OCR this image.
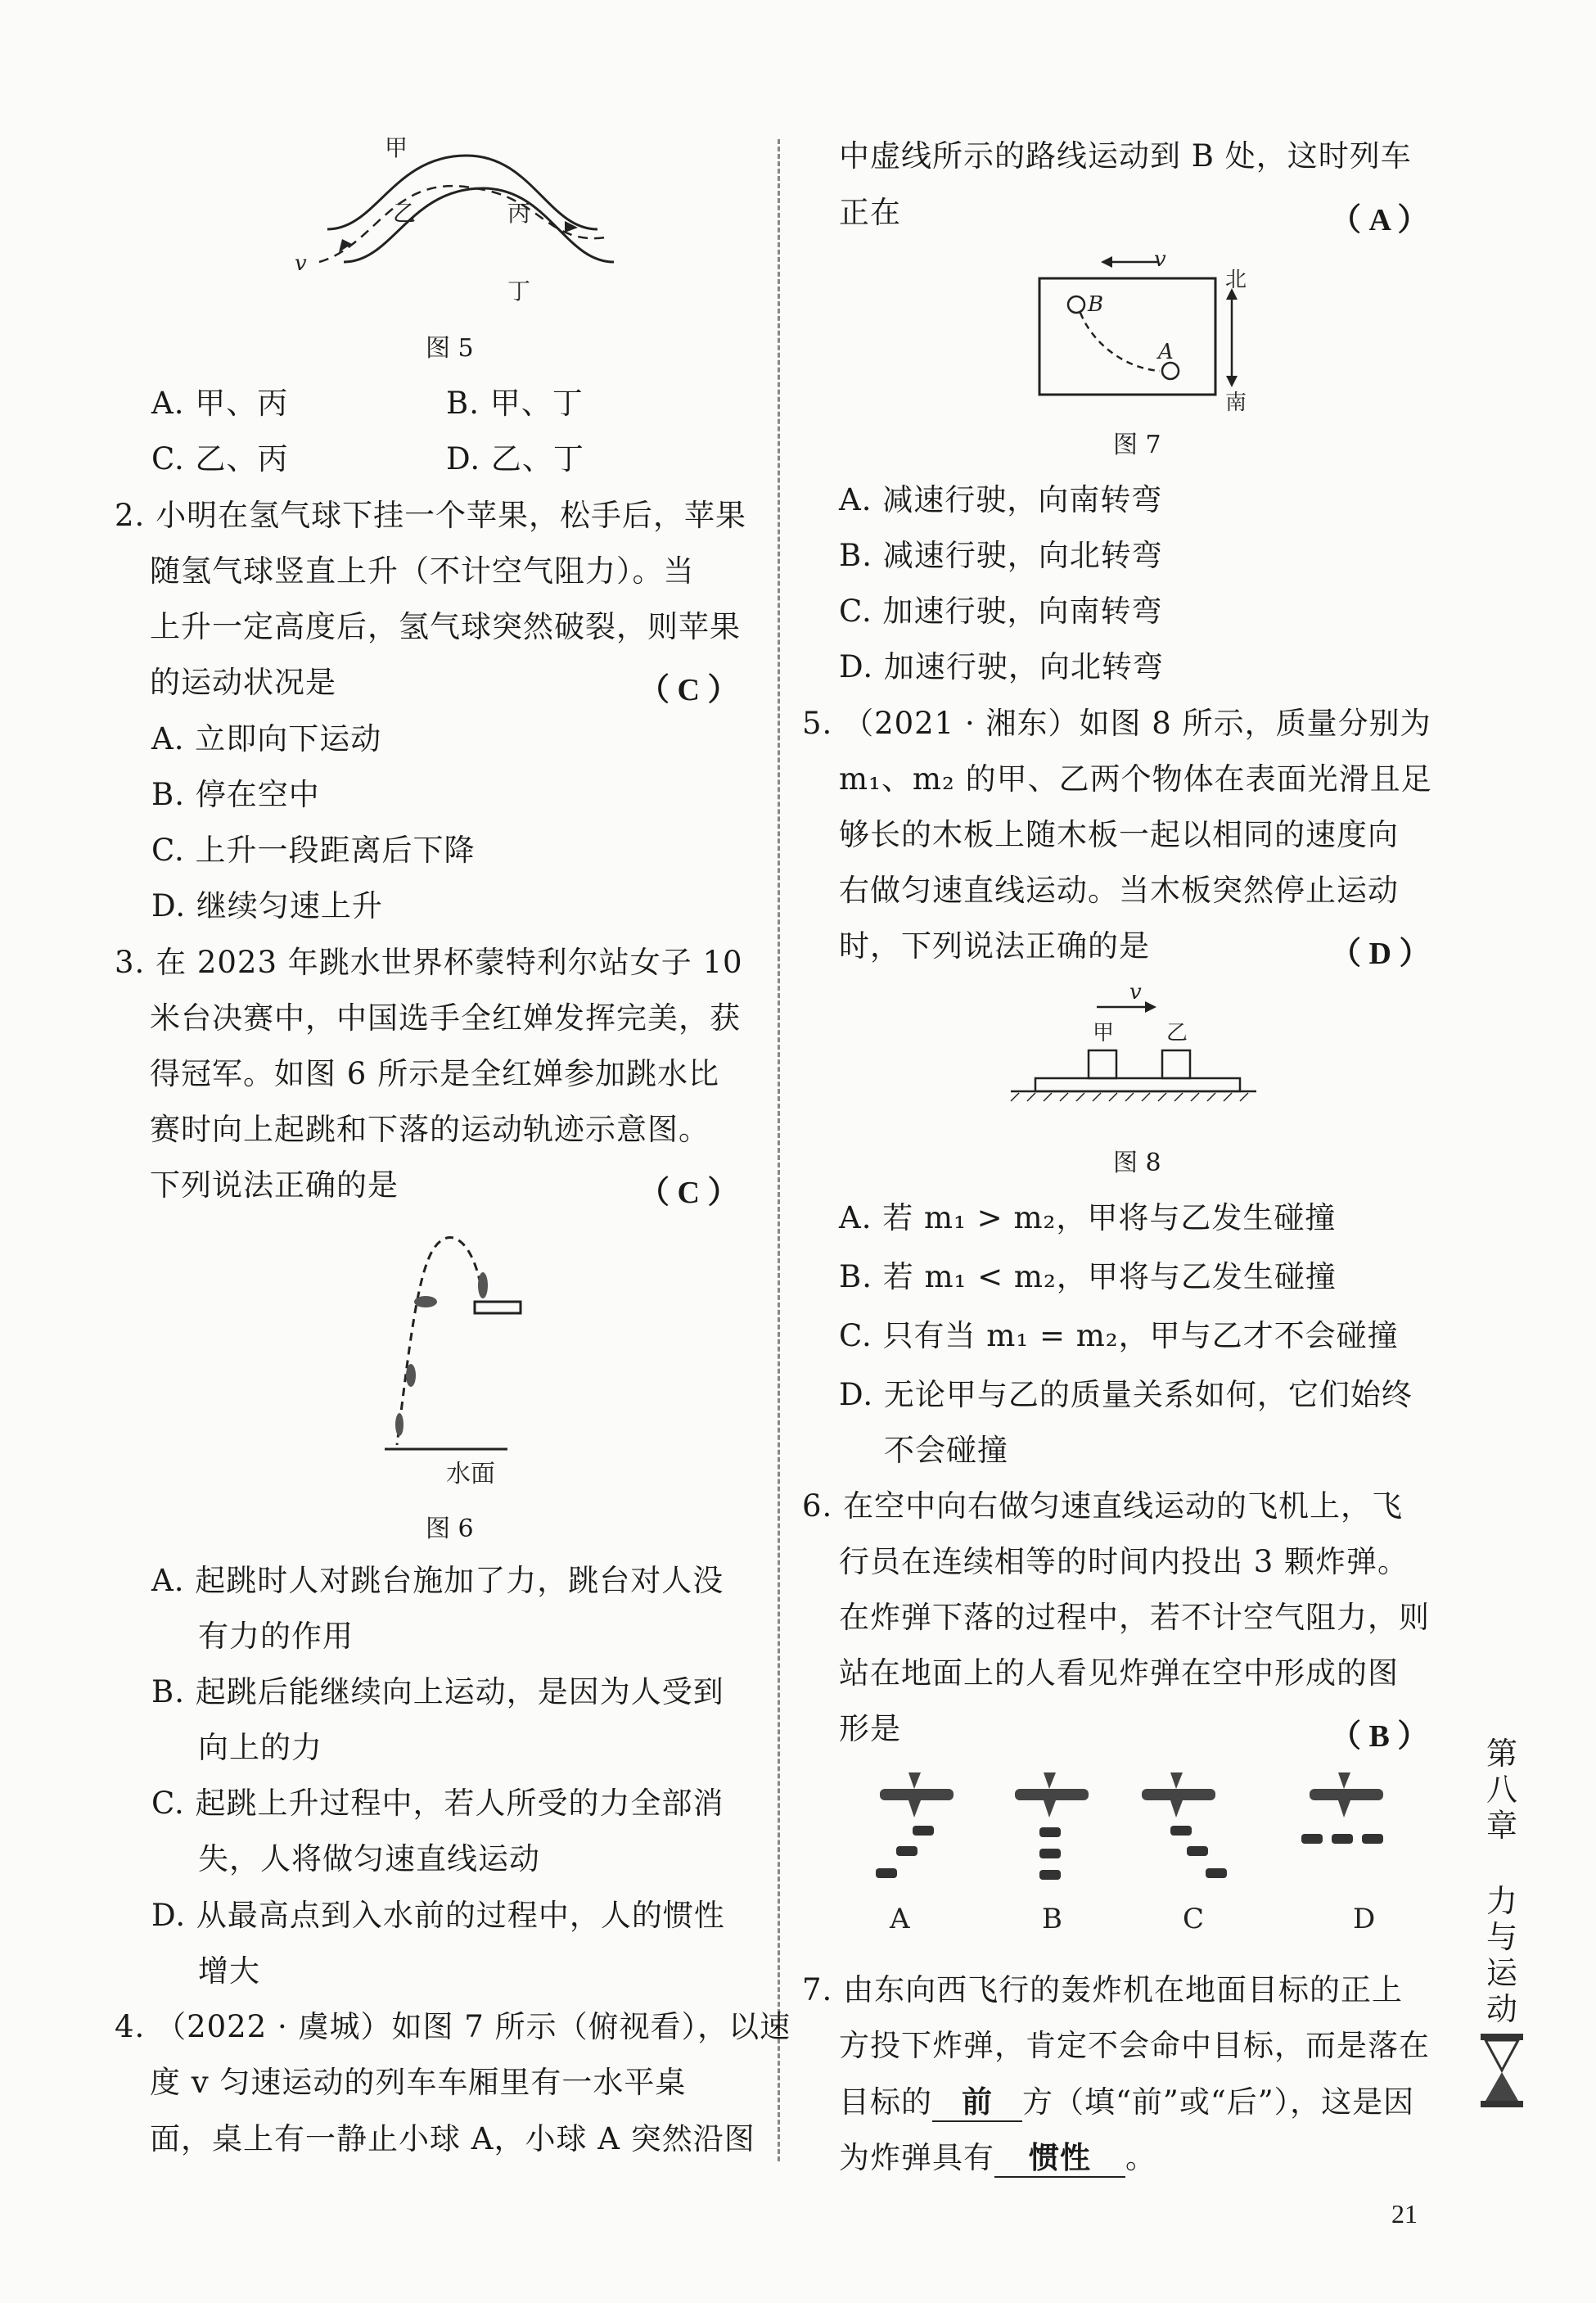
甲
乙	丙
丁
v
图 5
A. 甲、丙	B. 甲、丁
C. 乙、丙	D. 乙、丁
2. 小明在氢气球下挂一个苹果，松手后，苹果
随氢气球竖直上升（不计空气阻力）。当
上升一定高度后，氢气球突然破裂，则苹果
的运动状况是	（ C ）
A. 立即向下运动
B. 停在空中
C. 上升一段距离后下降
D. 继续匀速上升
3. 在 2023 年跳水世界杯蒙特利尔站女子 10
米台决赛中，中国选手全红婵发挥完美，获
得冠军。如图 6 所示是全红婵参加跳水比
赛时向上起跳和下落的运动轨迹示意图。
下列说法正确的是	（ C ）
水面
图 6
A. 起跳时人对跳台施加了力，跳台对人没
有力的作用
B. 起跳后能继续向上运动，是因为人受到
向上的力
C. 起跳上升过程中，若人所受的力全部消
失，人将做匀速直线运动
D. 从最高点到入水前的过程中，人的惯性
增大
4. （2022 · 虞城）如图 7 所示（俯视看），以速
度 v 匀速运动的列车车厢里有一水平桌
面，桌上有一静止小球 A，小球 A 突然沿图
中虚线所示的路线运动到 B 处，这时列车
正在	（ A ）
v
B
A
北
南
图 7
A. 减速行驶，向南转弯
B. 减速行驶，向北转弯
C. 加速行驶，向南转弯
D. 加速行驶，向北转弯
5. （2021 · 湘东）如图 8 所示，质量分别为
m₁、m₂ 的甲、乙两个物体在表面光滑且足
够长的木板上随木板一起以相同的速度向
右做匀速直线运动。当木板突然停止运动
时，下列说法正确的是	（ D ）
v
甲 乙
图 8
A. 若 m₁ > m₂，甲将与乙发生碰撞
B. 若 m₁ < m₂，甲将与乙发生碰撞
C. 只有当 m₁ = m₂，甲与乙才不会碰撞
D. 无论甲与乙的质量关系如何，它们始终
不会碰撞
6. 在空中向右做匀速直线运动的飞机上，飞
行员在连续相等的时间内投出 3 颗炸弹。
在炸弹下落的过程中，若不计空气阻力，则
站在地面上的人看见炸弹在空中形成的图
形是	（ B ）
A	B	C	D
7. 由东向西飞行的轰炸机在地面目标的正上
方投下炸弹，肯定不会命中目标，而是落在
目标的 前 方（填“前”或“后”），这是因
为炸弹具有 惯性 。
第八章
力与运动
21
